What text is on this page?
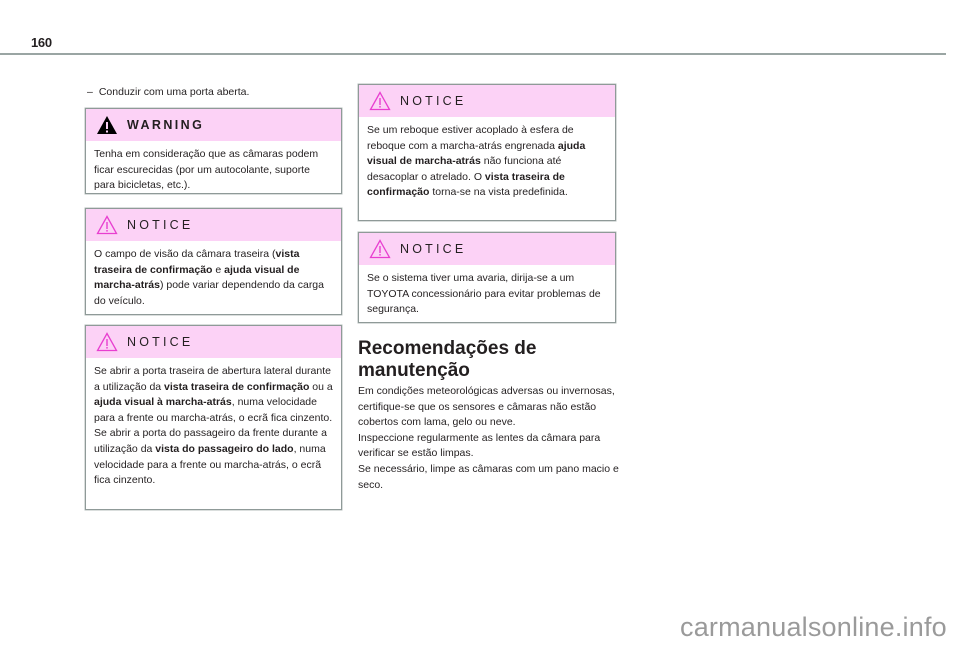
160
– Conduzir com uma porta aberta.
WARNING
Tenha em consideração que as câmaras podem ficar escurecidas (por um autocolante, suporte para bicicletas, etc.).
NOTICE
O campo de visão da câmara traseira (vista traseira de confirmação e ajuda visual de marcha-atrás) pode variar dependendo da carga do veículo.
NOTICE
Se abrir a porta traseira de abertura lateral durante a utilização da vista traseira de confirmação ou a ajuda visual à marcha-atrás, numa velocidade para a frente ou marcha-atrás, o ecrã fica cinzento.
Se abrir a porta do passageiro da frente durante a utilização da vista do passageiro do lado, numa velocidade para a frente ou marcha-atrás, o ecrã fica cinzento.
NOTICE
Se um reboque estiver acoplado à esfera de reboque com a marcha-atrás engrenada ajuda visual de marcha-atrás não funciona até desacoplar o atrelado. O vista traseira de confirmação torna-se na vista predefinida.
NOTICE
Se o sistema tiver uma avaria, dirija-se a um TOYOTA concessionário para evitar problemas de segurança.
Recomendações de manutenção
Em condições meteorológicas adversas ou invernosas, certifique-se que os sensores e câmaras não estão cobertos com lama, gelo ou neve.
Inspeccione regularmente as lentes da câmara para verificar se estão limpas.
Se necessário, limpe as câmaras com um pano macio e seco.
carmanualsonline.info
